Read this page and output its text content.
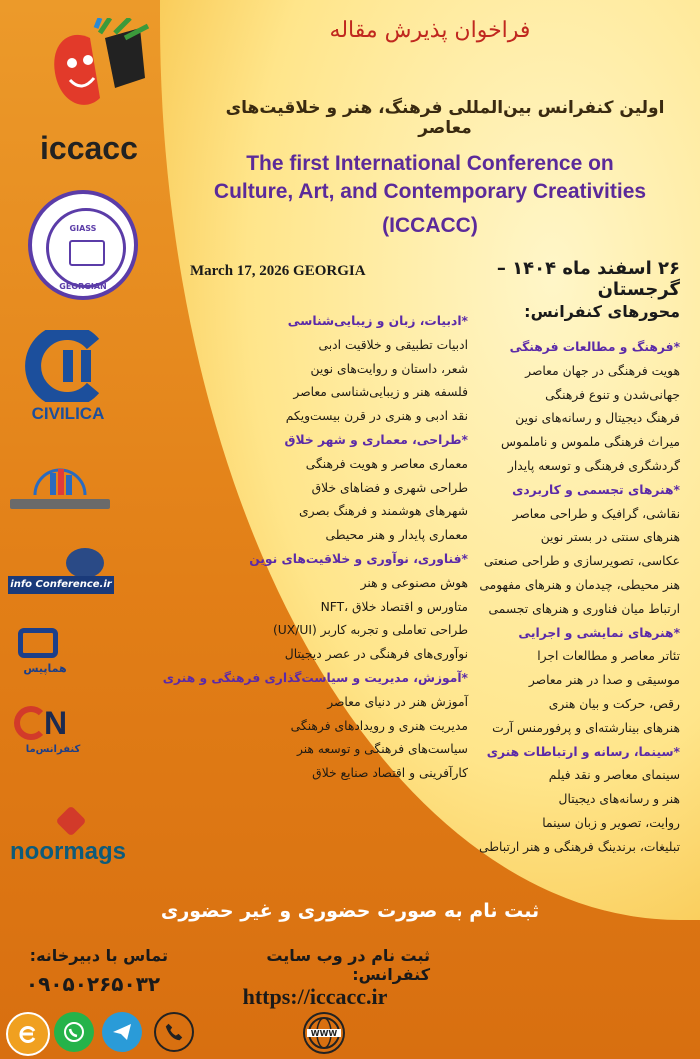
iccacc
GIASS
GEORGIAN
CIVILICA
info Conference.ir
هماپیس
N
کنفرانس‌ما
noormags
فراخوان پذیرش مقاله
اولین کنفرانس بین‌المللی فرهنگ، هنر و خلاقیت‌های معاصر
The first International Conference on
Culture, Art, and Contemporary Creativities
(ICCACC)
March 17, 2026 GEORGIA	۲۶ اسفند ماه ۱۴۰۴ –گرجستان
محورهای کنفرانس:
*فرهنگ و مطالعات فرهنگی
هویت فرهنگی در جهان معاصر
جهانی‌شدن و تنوع فرهنگی
فرهنگ دیجیتال و رسانه‌های نوین
میراث فرهنگی ملموس و ناملموس
گردشگری فرهنگی و توسعه پایدار
*هنرهای تجسمی و کاربردی
نقاشی، گرافیک و طراحی معاصر
هنرهای سنتی در بستر نوین
عکاسی، تصویرسازی و طراحی صنعتی
هنر محیطی، چیدمان و هنرهای مفهومی
ارتباط میان فناوری و هنرهای تجسمی
*هنرهای نمایشی و اجرایی
تئاتر معاصر و مطالعات اجرا
موسیقی و صدا در هنر معاصر
رقص، حرکت و بیان هنری
هنرهای بینارشته‌ای و پرفورمنس آرت
*سینما، رسانه و ارتباطات هنری
سینمای معاصر و نقد فیلم
هنر و رسانه‌های دیجیتال
روایت، تصویر و زبان سینما
تبلیغات، برندینگ فرهنگی و هنر ارتباطی
*ادبیات، زبان و زیبایی‌شناسی
ادبیات تطبیقی و خلاقیت ادبی
شعر، داستان و روایت‌های نوین
فلسفه هنر و زیبایی‌شناسی معاصر
نقد ادبی و هنری در قرن بیست‌ویکم
*طراحی، معماری و شهر خلاق
معماری معاصر و هویت فرهنگی
طراحی شهری و فضاهای خلاق
شهرهای هوشمند و فرهنگ بصری
معماری پایدار و هنر محیطی
*فناوری، نوآوری و خلاقیت‌های نوین
هوش مصنوعی و هنر
متاورس و اقتصاد خلاق ،NFT
طراحی تعاملی و تجربه کاربر (UX/UI)
نوآوری‌های فرهنگی در عصر دیجیتال
*آموزش، مدیریت و سیاست‌گذاری فرهنگی و هنری
آموزش هنر در دنیای معاصر
مدیریت هنری و رویدادهای فرهنگی
سیاست‌های فرهنگی و توسعه هنر
کارآفرینی و اقتصاد صنایع خلاق
ثبت نام به صورت حضوری و غیر حضوری
تماس با دبیرخانه:
۰۹۰۵۰۲۶۵۰۳۲
ثبت نام در وب سایت کنفرانس:
https://iccacc.ir
WWW
